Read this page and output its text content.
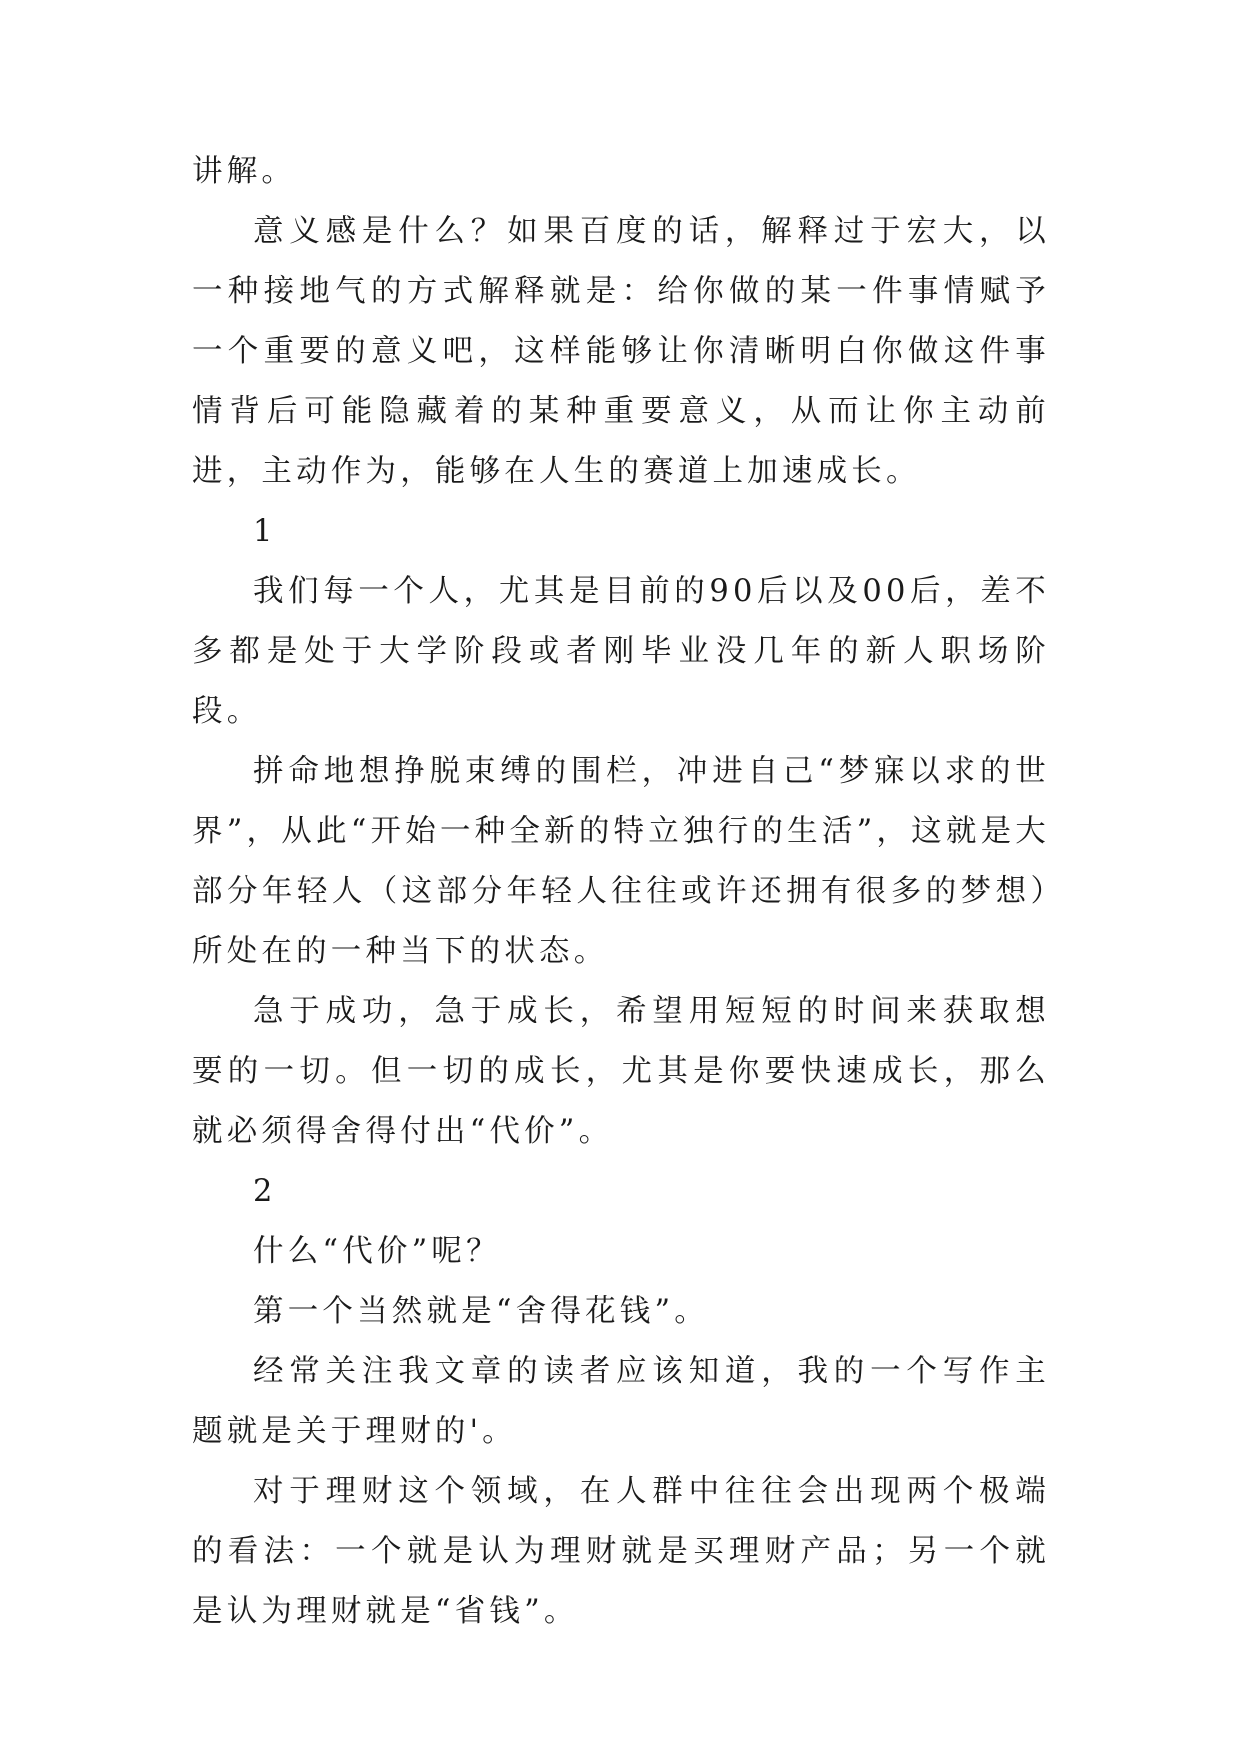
讲解。

意义感是什么？如果百度的话，解释过于宏大，以一种接地气的方式解释就是：给你做的某一件事情赋予一个重要的意义吧，这样能够让你清晰明白你做这件事情背后可能隐藏着的某种重要意义，从而让你主动前进，主动作为，能够在人生的赛道上加速成长。

1

我们每一个人，尤其是目前的90后以及00后，差不多都是处于大学阶段或者刚毕业没几年的新人职场阶段。

拼命地想挣脱束缚的围栏，冲进自己“梦寐以求的世界”，从此“开始一种全新的特立独行的生活”，这就是大部分年轻人（这部分年轻人往往或许还拥有很多的梦想）所处在的一种当下的状态。

急于成功，急于成长，希望用短短的时间来获取想要的一切。但一切的成长，尤其是你要快速成长，那么就必须得舍得付出“代价”。

2

什么“代价”呢？

第一个当然就是“舍得花钱”。

经常关注我文章的读者应该知道，我的一个写作主题就是关于理财的'。

对于理财这个领域，在人群中往往会出现两个极端的看法：一个就是认为理财就是买理财产品；另一个就是认为理财就是“省钱”。
